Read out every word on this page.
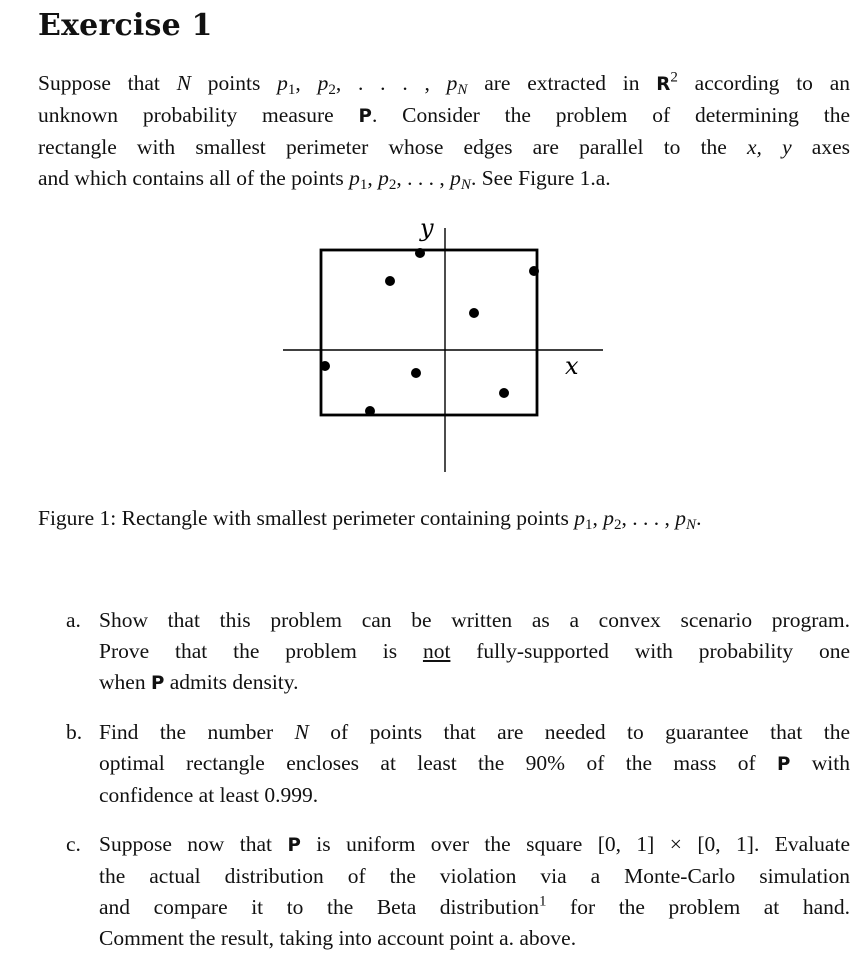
Exercise 1
Suppose that N points $p_1$, $p_2$, . . . , $p_N$ are extracted in $R^2$ according to an
unknown probability measure P. Consider the problem of determining the
rectangle with smallest perimeter whose edges are parallel to the x, y axes
and which contains all of the points $p_1$, $p_2$, . . . , $p_N$. See Figure 1.a.
x
y
Figure 1: Rectangle with smallest perimeter containing points $p_1$, $p_2$, . . . , $p_N$.
a. Show that this problem can be written as a convex scenario program.
Prove that the problem is not fully-supported with probability one
when P admits density.
b. Find the number N of points that are needed to guarantee that the
optimal rectangle encloses at least the 90% of the mass of P with
confidence at least 0.999.
c. Suppose now that P is uniform over the square [0, 1] × [0, 1]. Evaluate
the actual distribution of the violation via a Monte-Carlo simulation
and compare it to the Beta distribution$^1$ for the problem at hand.
Comment the result, taking into account point a. above.
